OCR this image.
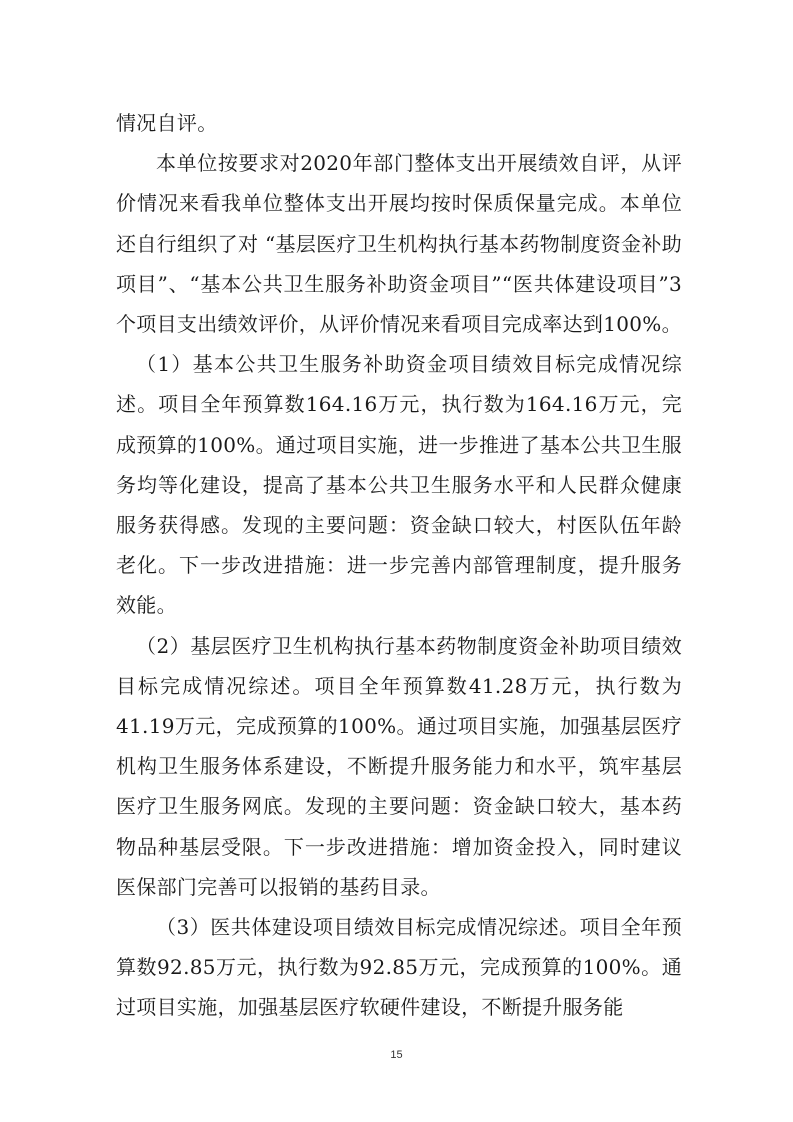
情况自评。

本单位按要求对2020年部门整体支出开展绩效自评，从评价情况来看我单位整体支出开展均按时保质保量完成。本单位还自行组织了对 “基层医疗卫生机构执行基本药物制度资金补助项目”、“基本公共卫生服务补助资金项目”“医共体建设项目”3 个项目支出绩效评价，从评价情况来看项目完成率达到100%。

（1）基本公共卫生服务补助资金项目绩效目标完成情况综述。项目全年预算数164.16万元，执行数为164.16万元，完成预算的100%。通过项目实施，进一步推进了基本公共卫生服务均等化建设，提高了基本公共卫生服务水平和人民群众健康服务获得感。发现的主要问题：资金缺口较大，村医队伍年龄老化。下一步改进措施：进一步完善内部管理制度，提升服务效能。

（2）基层医疗卫生机构执行基本药物制度资金补助项目绩效目标完成情况综述。项目全年预算数41.28万元，执行数为41.19万元，完成预算的100%。通过项目实施，加强基层医疗机构卫生服务体系建设，不断提升服务能力和水平，筑牢基层医疗卫生服务网底。发现的主要问题：资金缺口较大，基本药物品种基层受限。下一步改进措施：增加资金投入，同时建议医保部门完善可以报销的基药目录。

（3）医共体建设项目绩效目标完成情况综述。项目全年预算数92.85万元，执行数为92.85万元，完成预算的100%。通过项目实施，加强基层医疗软硬件建设，不断提升服务能

15
